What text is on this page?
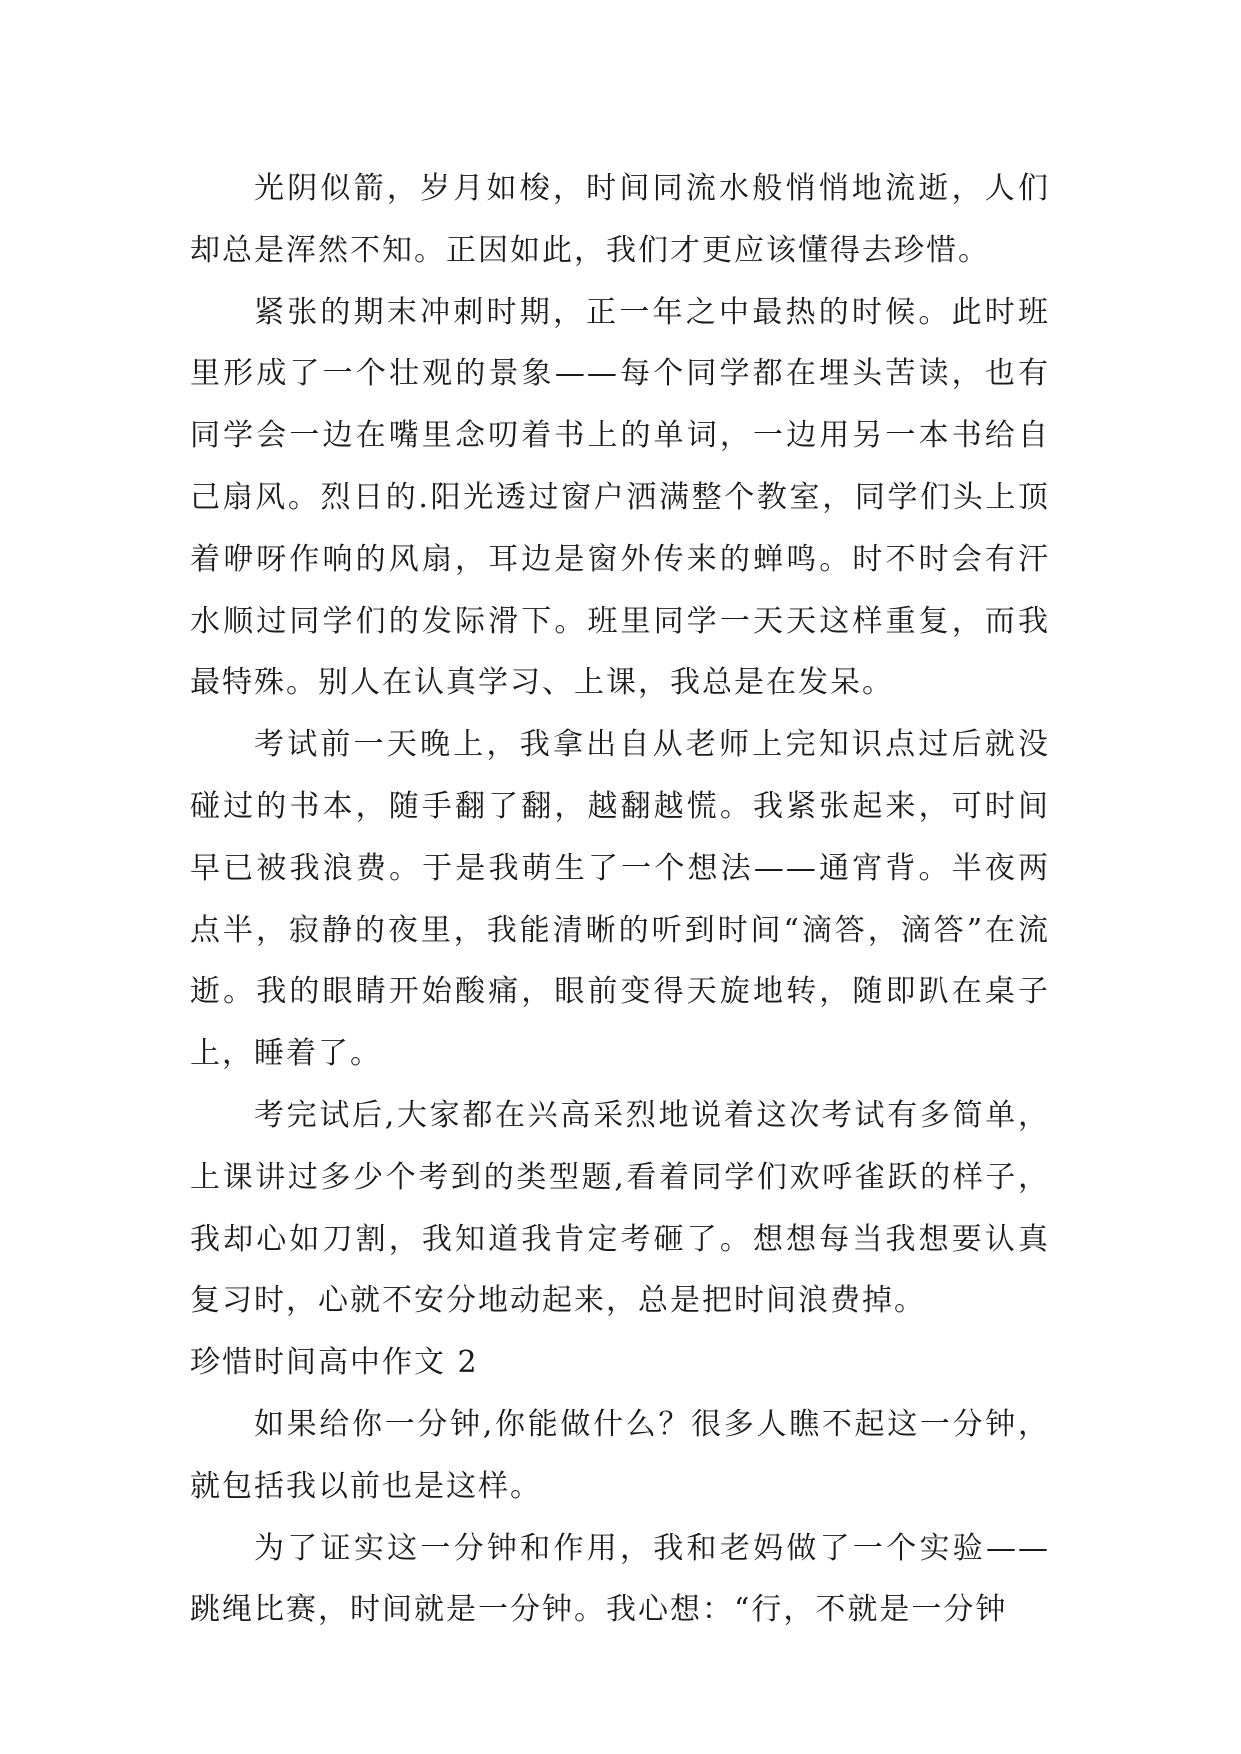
光阴似箭，岁月如梭，时间同流水般悄悄地流逝，人们却总是浑然不知。正因如此，我们才更应该懂得去珍惜。

紧张的期末冲刺时期，正一年之中最热的时候。此时班里形成了一个壮观的景象——每个同学都在埋头苦读，也有同学会一边在嘴里念叨着书上的单词，一边用另一本书给自己扇风。烈日的.阳光透过窗户洒满整个教室，同学们头上顶着咿呀作响的风扇，耳边是窗外传来的蝉鸣。时不时会有汗水顺过同学们的发际滑下。班里同学一天天这样重复，而我最特殊。别人在认真学习、上课，我总是在发呆。

考试前一天晚上，我拿出自从老师上完知识点过后就没碰过的书本，随手翻了翻，越翻越慌。我紧张起来，可时间早已被我浪费。于是我萌生了一个想法——通宵背。半夜两点半，寂静的夜里，我能清晰的听到时间“滴答，滴答”在流逝。我的眼睛开始酸痛，眼前变得天旋地转，随即趴在桌子上，睡着了。

考完试后,大家都在兴高采烈地说着这次考试有多简单，上课讲过多少个考到的类型题,看着同学们欢呼雀跃的样子，我却心如刀割，我知道我肯定考砸了。想想每当我想要认真复习时，心就不安分地动起来，总是把时间浪费掉。

珍惜时间高中作文 2

如果给你一分钟,你能做什么？很多人瞧不起这一分钟，就包括我以前也是这样。

为了证实这一分钟和作用，我和老妈做了一个实验——跳绳比赛，时间就是一分钟。我心想：“行，不就是一分钟
